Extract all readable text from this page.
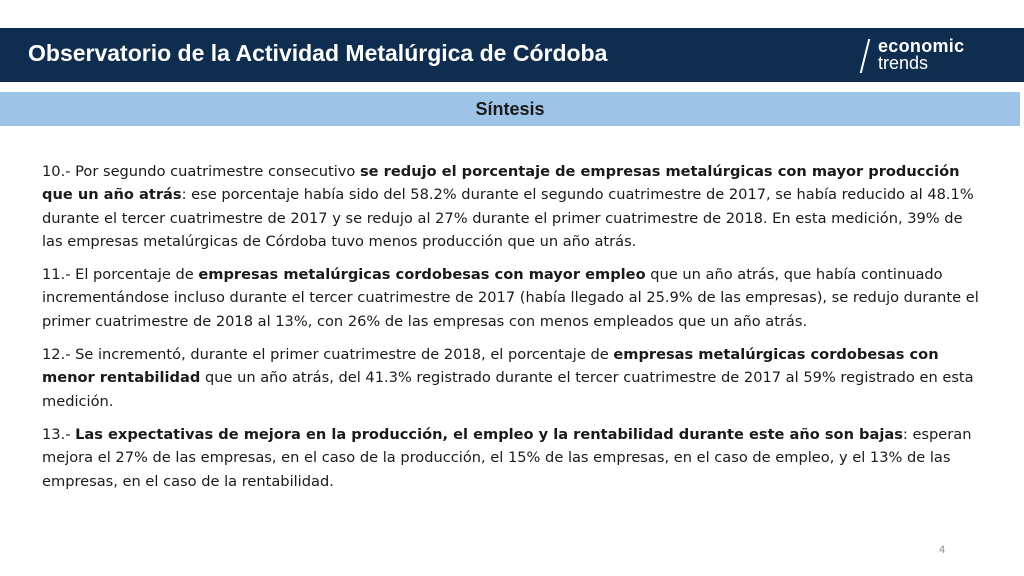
Observatorio de la Actividad Metalúrgica de Córdoba	economic
trends
Síntesis

10.- Por segundo cuatrimestre consecutivo se redujo el porcentaje de empresas metalúrgicas con mayor producción que un año atrás: ese porcentaje había sido del 58.2% durante el segundo cuatrimestre de 2017, se había reducido al 48.1% durante el tercer cuatrimestre de 2017 y se redujo al 27% durante el primer cuatrimestre de 2018. En esta medición, 39% de las empresas metalúrgicas de Córdoba tuvo menos producción que un año atrás.

11.- El porcentaje de empresas metalúrgicas cordobesas con mayor empleo que un año atrás, que había continuado incrementándose incluso durante el tercer cuatrimestre de 2017 (había llegado al 25.9% de las empresas), se redujo durante el primer cuatrimestre de 2018 al 13%, con 26% de las empresas con menos empleados que un año atrás.

12.- Se incrementó, durante el primer cuatrimestre de 2018, el porcentaje de empresas metalúrgicas cordobesas con menor rentabilidad que un año atrás, del 41.3% registrado durante el tercer cuatrimestre de 2017 al 59% registrado en esta medición.

13.- Las expectativas de mejora en la producción, el empleo y la rentabilidad durante este año son bajas: esperan mejora el 27% de las empresas, en el caso de la producción, el 15% de las empresas, en el caso de empleo, y el 13% de las empresas, en el caso de la rentabilidad.

4
